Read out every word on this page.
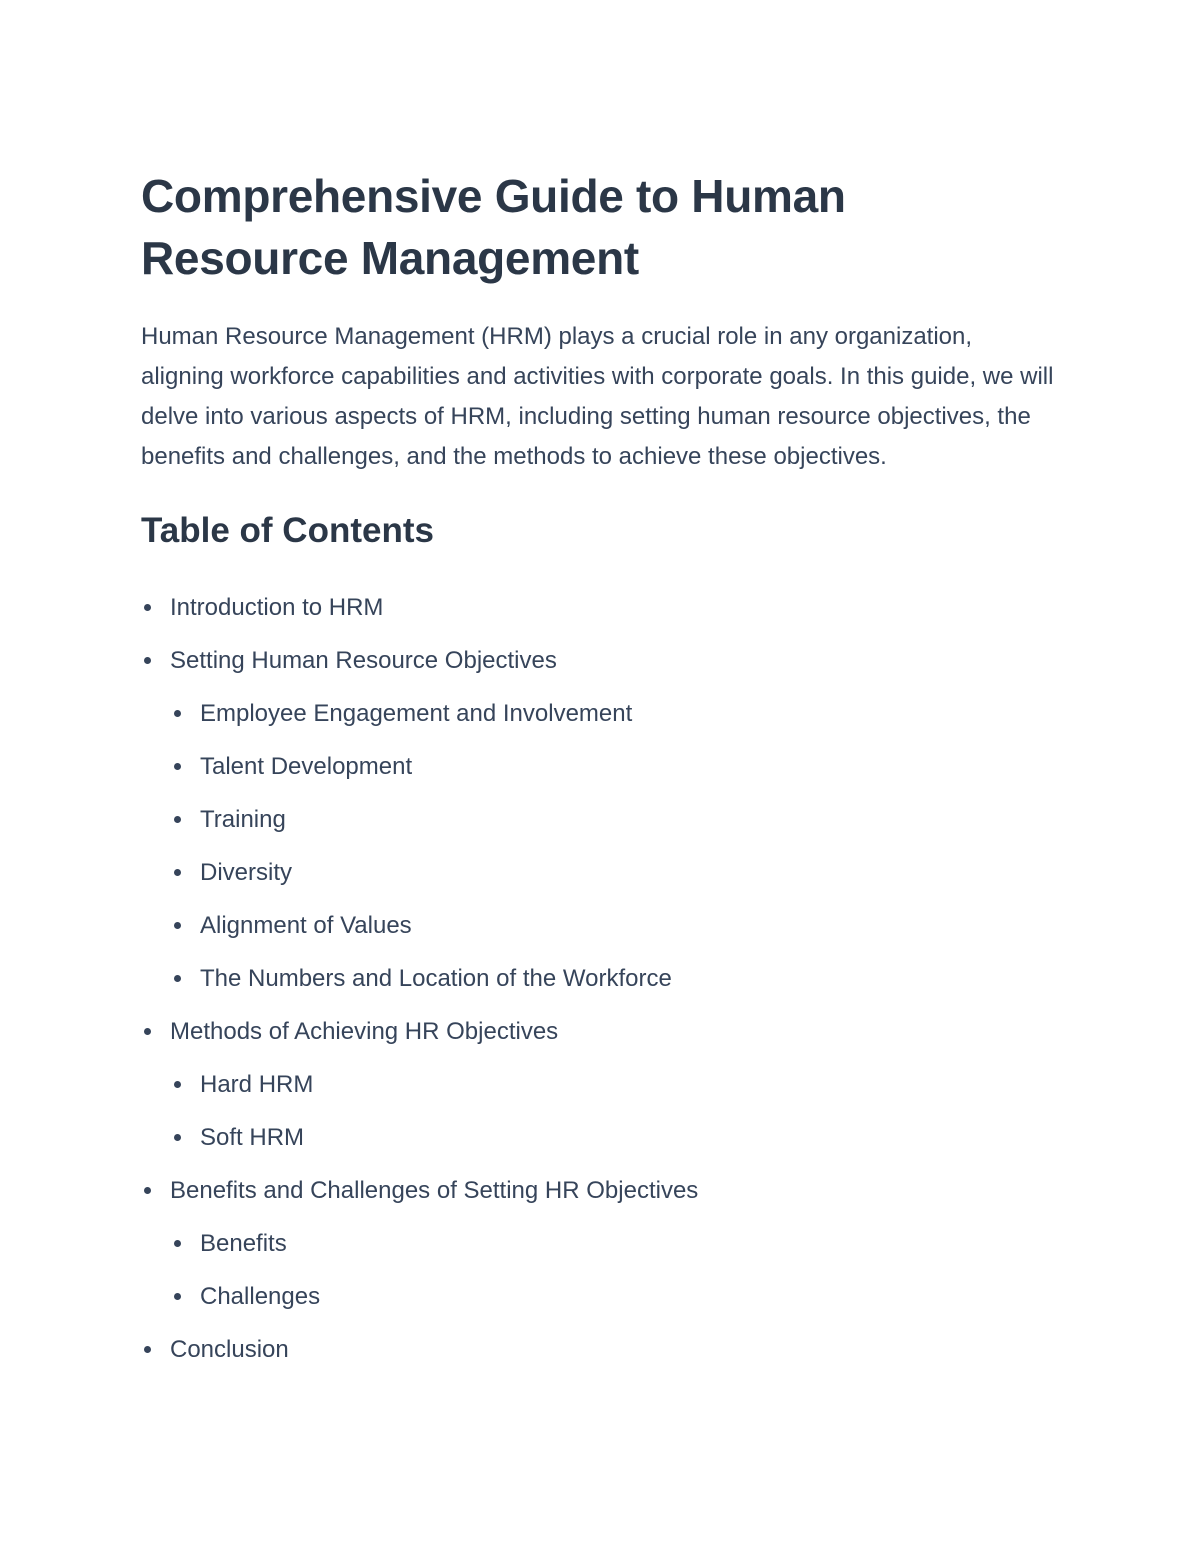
Comprehensive Guide to Human Resource Management

Human Resource Management (HRM) plays a crucial role in any organization, aligning workforce capabilities and activities with corporate goals. In this guide, we will delve into various aspects of HRM, including setting human resource objectives, the benefits and challenges, and the methods to achieve these objectives.

Table of Contents
Introduction to HRM
Setting Human Resource Objectives
Employee Engagement and Involvement
Talent Development
Training
Diversity
Alignment of Values
The Numbers and Location of the Workforce
Methods of Achieving HR Objectives
Hard HRM
Soft HRM
Benefits and Challenges of Setting HR Objectives
Benefits
Challenges
Conclusion
